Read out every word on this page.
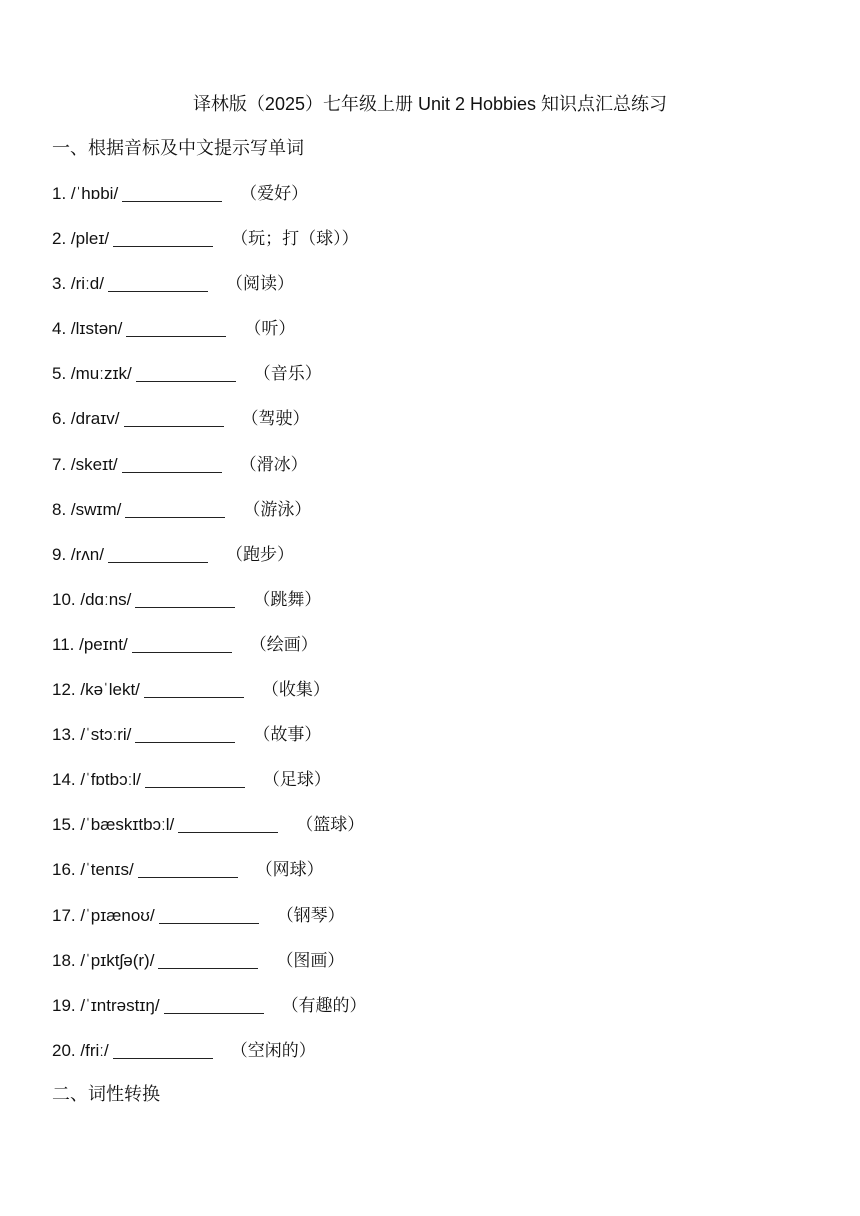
译林版（2025）七年级上册 Unit 2 Hobbies 知识点汇总练习
一、根据音标及中文提示写单词
1. /ˈhɒbi/	（爱好）
2. /pleɪ/	（玩；打（球））
3. /riːd/	（阅读）
4. /lɪstən/	（听）
5. /muːzɪk/	（音乐）
6. /draɪv/	（驾驶）
7. /skeɪt/	（滑冰）
8. /swɪm/	（游泳）
9. /rʌn/	（跑步）
10. /dɑːns/	（跳舞）
11. /peɪnt/	（绘画）
12. /kəˈlekt/	（收集）
13. /ˈstɔːri/	（故事）
14. /ˈfɒtbɔːl/	（足球）
15. /ˈbæskɪtbɔːl/	（篮球）
16. /ˈtenɪs/	（网球）
17. /ˈpɪænoʊ/	（钢琴）
18. /ˈpɪktʃə(r)/	（图画）
19. /ˈɪntrəstɪŋ/	（有趣的）
20. /friː/	（空闲的）
二、词性转换
